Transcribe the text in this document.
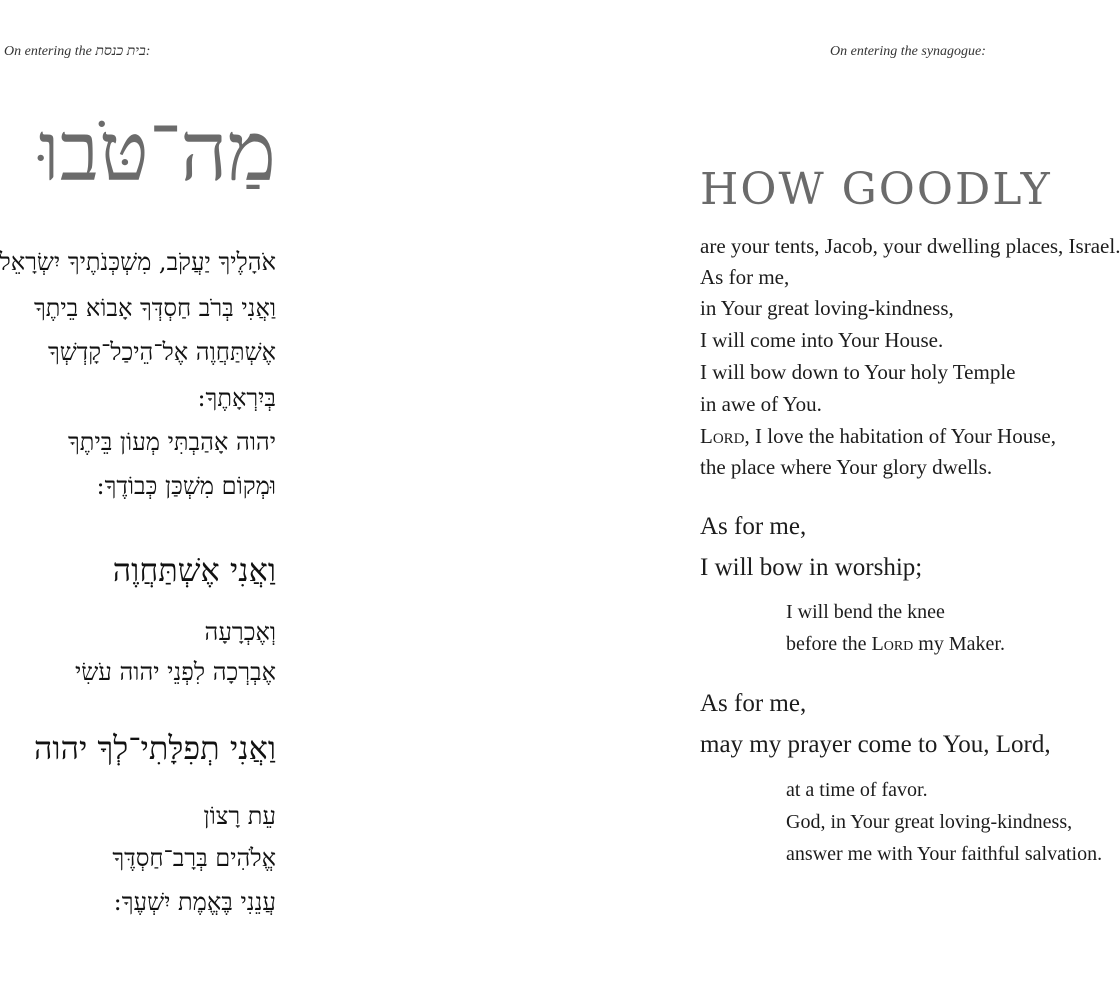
On entering the בית כנסת:	On entering the synagogue:
מַה־טֹּבוּ
אֹהָלֶיךָ יַעֲקֹב, מִשְׁכְּנֹתֶיךָ יִשְׂרָאֵל
וַאֲנִי בְּרֹב חַסְדְּךָ אָבוֹא בֵיתֶךָ
אֶשְׁתַּחֲוֶה אֶל־הֵיכַל־קָדְשְׁךָ
בְּיִרְאָתֶךָ:
יהוה אָהַבְתִּי מְעוֹן בֵּיתֶךָ
וּמְקוֹם מִשְׁכַּן כְּבוֹדֶךָ:
וַאֲנִי אֶשְׁתַּחֲוֶה
וְאֶכְרָעָה
אֶבְרְכָה לִפְנֵי יהוה עֹשִׂי
וַאֲנִי תְפִלָּתִי־לְךָ יהוה
עֵת רָצוֹן
אֱלֹהִים בְּרָב־חַסְדֶּךָ
עֲנֵנִי בֶּאֱמֶת יִשְׁעֶךָ:
HOW GOODLY
are your tents, Jacob, your dwelling places, Israel.
As for me,
in Your great loving-kindness,
I will come into Your House.
I will bow down to Your holy Temple
in awe of You.
Lord, I love the habitation of Your House,
the place where Your glory dwells.
As for me,
I will bow in worship;
I will bend the knee
before the Lord my Maker.
As for me,
may my prayer come to You, Lord,
at a time of favor.
God, in Your great loving-kindness,
answer me with Your faithful salvation.
